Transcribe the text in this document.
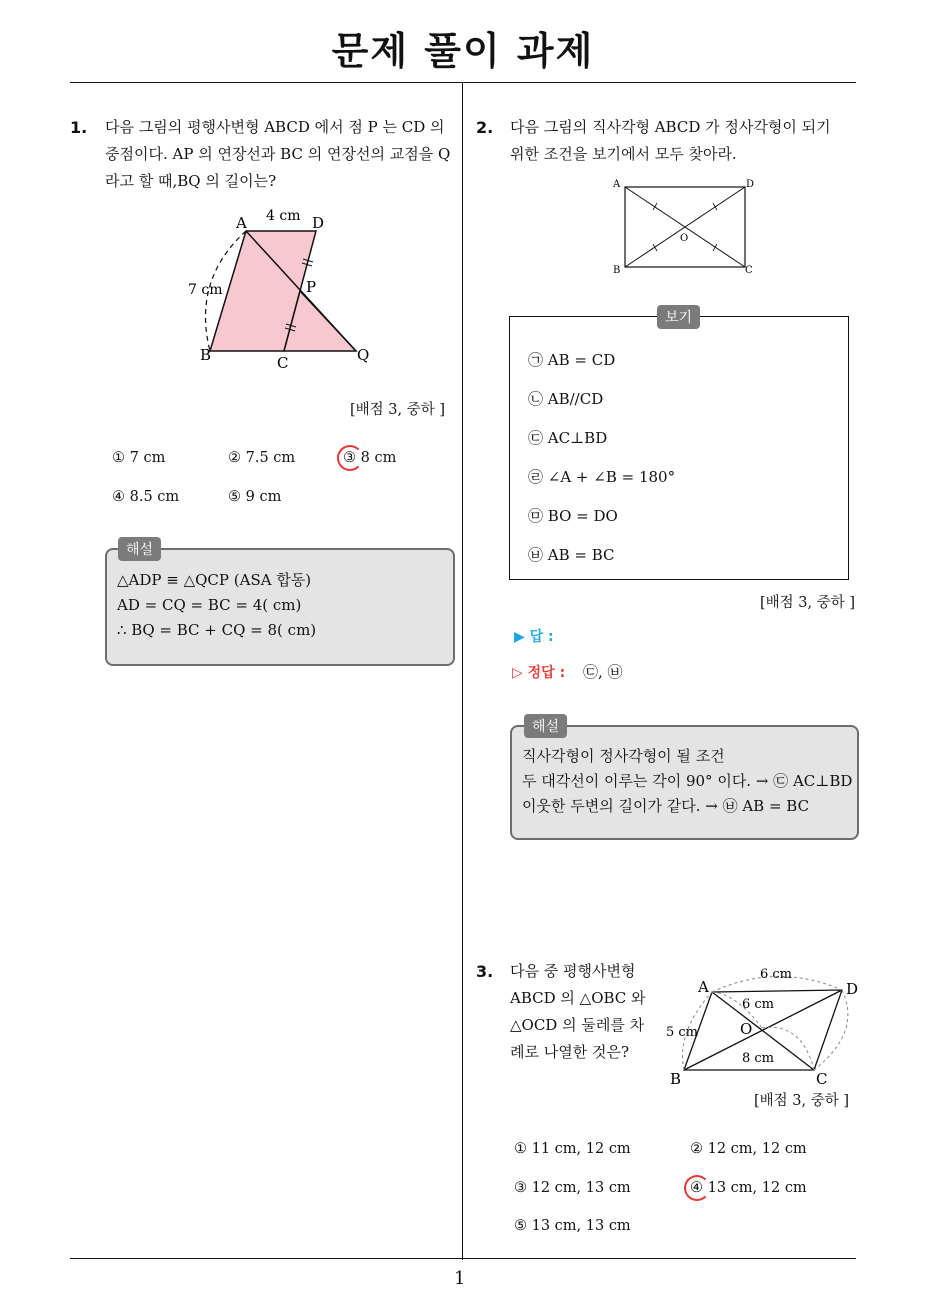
문제 풀이 과제
1
1. 다음 그림의 평행사변형 ABCD 에서 점 P 는 CD 의
중점이다. AP 의 연장선과 BC 의 연장선의 교점을 Q
라고 할 때,BQ 의 길이는?
A	D
4 cm
7 cm	P
B	C	Q
[배점 3, 중하 ]
① 7 cm	② 7.5 cm	③ 8 cm
④ 8.5 cm	⑤ 9 cm
해설
△ADP ≡ △QCP (ASA 합동)
AD = CQ = BC = 4( cm)
∴ BQ = BC + CQ = 8( cm)
2. 다음 그림의 직사각형 ABCD 가 정사각형이 되기
위한 조건을 보기에서 모두 찾아라.
A	D
B	C
O
보기
㉠ AB = CD
㉡ AB//CD
㉢ AC⊥BD
㉣ ∠A + ∠B = 180°
㉤ BO = DO
㉥ AB = BC
[배점 3, 중하 ]
▶ 답 :
▷ 정답 : ㉢, ㉥
해설
직사각형이 정사각형이 될 조건
두 대각선이 이루는 각이 90° 이다. → ㉢ AC⊥BD
이웃한 두변의 길이가 같다. → ㉥ AB = BC
3. 다음 중 평행사변형
ABCD 의 △OBC 와
△OCD 의 둘레를 차
례로 나열한 것은?
A	D
B	C
O
6 cm
6 cm
5 cm
8 cm
[배점 3, 중하 ]
① 11 cm, 12 cm	② 12 cm, 12 cm
③ 12 cm, 13 cm	④ 13 cm, 12 cm
⑤ 13 cm, 13 cm
